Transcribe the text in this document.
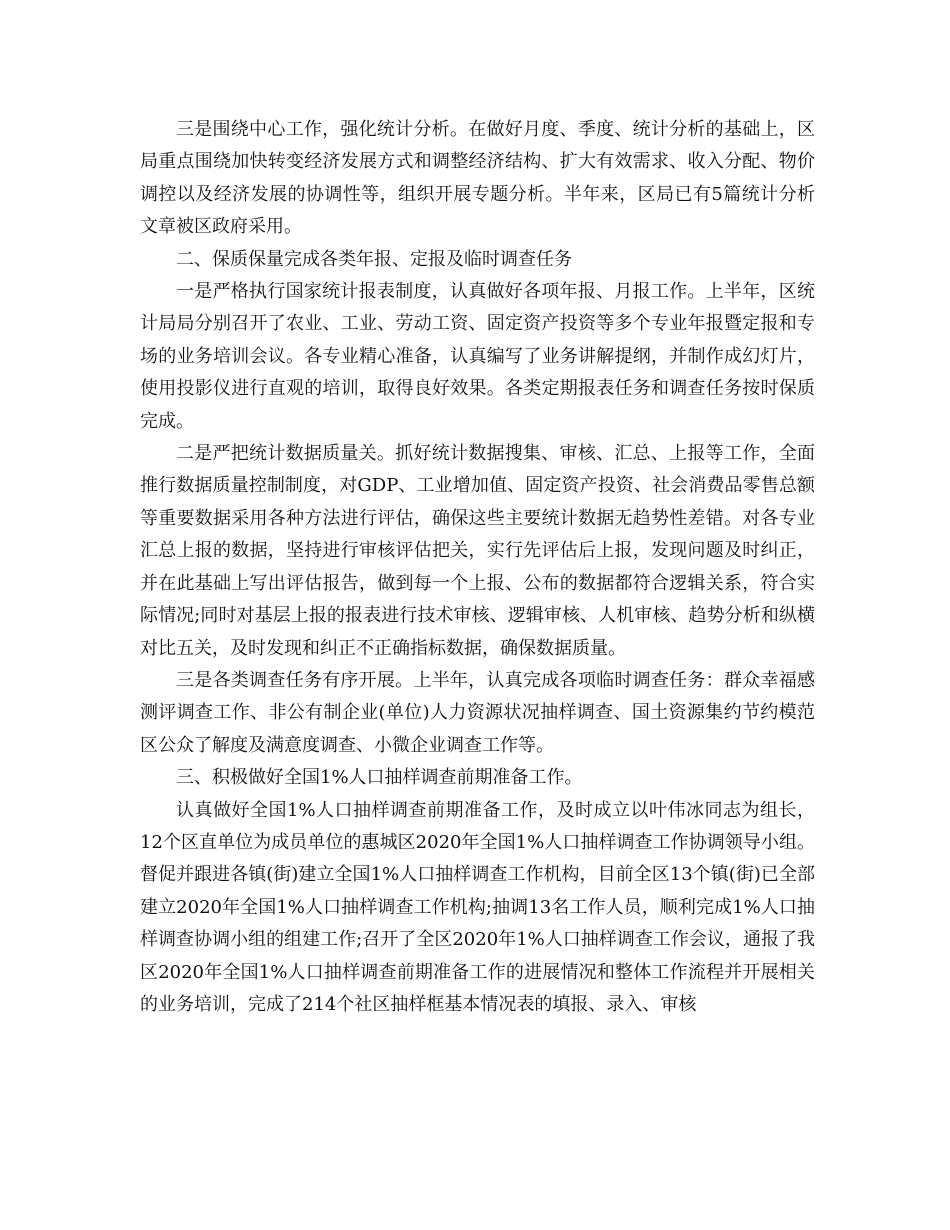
三是围绕中心工作，强化统计分析。在做好月度、季度、统计分析的基础上，区局重点围绕加快转变经济发展方式和调整经济结构、扩大有效需求、收入分配、物价调控以及经济发展的协调性等，组织开展专题分析。半年来，区局已有5篇统计分析文章被区政府采用。

二、保质保量完成各类年报、定报及临时调查任务

一是严格执行国家统计报表制度，认真做好各项年报、月报工作。上半年，区统计局局分别召开了农业、工业、劳动工资、固定资产投资等多个专业年报暨定报和专场的业务培训会议。各专业精心准备，认真编写了业务讲解提纲，并制作成幻灯片，使用投影仪进行直观的培训，取得良好效果。各类定期报表任务和调查任务按时保质完成。

二是严把统计数据质量关。抓好统计数据搜集、审核、汇总、上报等工作，全面推行数据质量控制制度，对GDP、工业增加值、固定资产投资、社会消费品零售总额等重要数据采用各种方法进行评估，确保这些主要统计数据无趋势性差错。对各专业汇总上报的数据，坚持进行审核评估把关，实行先评估后上报，发现问题及时纠正，并在此基础上写出评估报告，做到每一个上报、公布的数据都符合逻辑关系，符合实际情况;同时对基层上报的报表进行技术审核、逻辑审核、人机审核、趋势分析和纵横对比五关，及时发现和纠正不正确指标数据，确保数据质量。

三是各类调查任务有序开展。上半年，认真完成各项临时调查任务：群众幸福感测评调查工作、非公有制企业(单位)人力资源状况抽样调查、国土资源集约节约模范区公众了解度及满意度调查、小微企业调查工作等。

三、积极做好全国1%人口抽样调查前期准备工作。

认真做好全国1%人口抽样调查前期准备工作，及时成立以叶伟冰同志为组长，12个区直单位为成员单位的惠城区2020年全国1%人口抽样调查工作协调领导小组。督促并跟进各镇(街)建立全国1%人口抽样调查工作机构，目前全区13个镇(街)已全部建立2020年全国1%人口抽样调查工作机构;抽调13名工作人员，顺利完成1%人口抽样调查协调小组的组建工作;召开了全区2020年1%人口抽样调查工作会议，通报了我区2020年全国1%人口抽样调查前期准备工作的进展情况和整体工作流程并开展相关的业务培训，完成了214个社区抽样框基本情况表的填报、录入、审核
